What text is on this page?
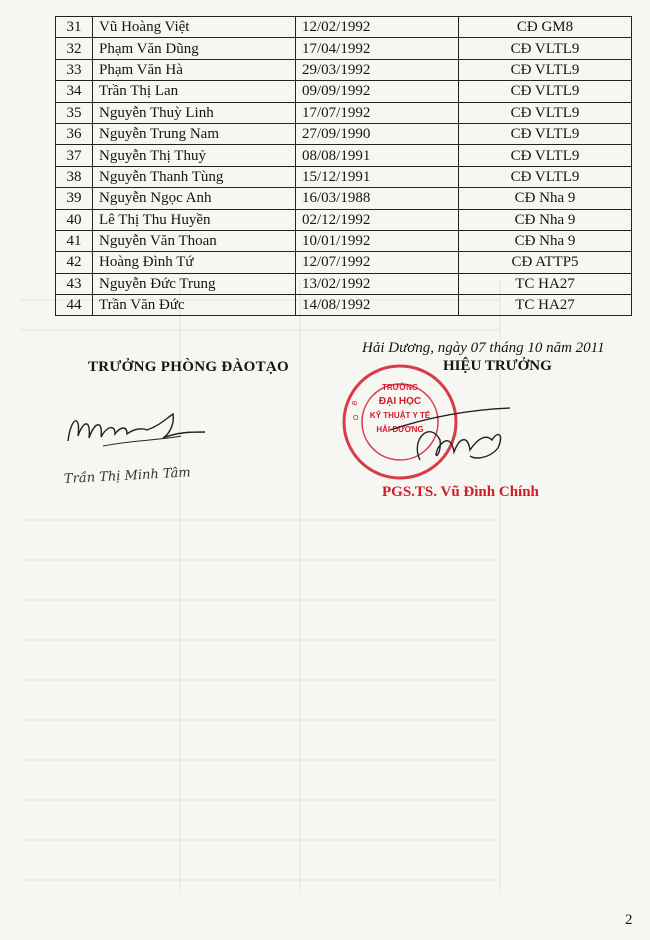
31	Vũ Hoàng Việt	12/02/1992	CĐ GM8
32	Phạm Văn Dũng	17/04/1992	CĐ VLTL9
33	Phạm Văn Hà	29/03/1992	CĐ VLTL9
34	Trần Thị Lan	09/09/1992	CĐ VLTL9
35	Nguyễn Thuỳ Linh	17/07/1992	CĐ VLTL9
36	Nguyễn Trung Nam	27/09/1990	CĐ VLTL9
37	Nguyễn Thị Thuỷ	08/08/1991	CĐ VLTL9
38	Nguyễn Thanh Tùng	15/12/1991	CĐ VLTL9
39	Nguyễn Ngọc Anh	16/03/1988	CĐ Nha 9
40	Lê Thị Thu Huyền	02/12/1992	CĐ Nha 9
41	Nguyễn Văn Thoan	10/01/1992	CĐ Nha 9
42	Hoàng Đình Tứ	12/07/1992	CĐ ATTP5
43	Nguyễn Đức Trung	13/02/1992	TC HA27
44	Trần Văn Đức	14/08/1992	TC HA27
TRƯỞNG PHÒNG ĐÀOTẠO
Trần Thị Minh Tâm
Hải Dương, ngày 07 tháng 10 năm 2011
HIỆU TRƯỞNG
B
O
TRƯỜNG
ĐẠI HỌC
KỸ THUẬT Y TẾ
HẢI DƯƠNG
PGS.TS. Vũ Đình Chính
2
